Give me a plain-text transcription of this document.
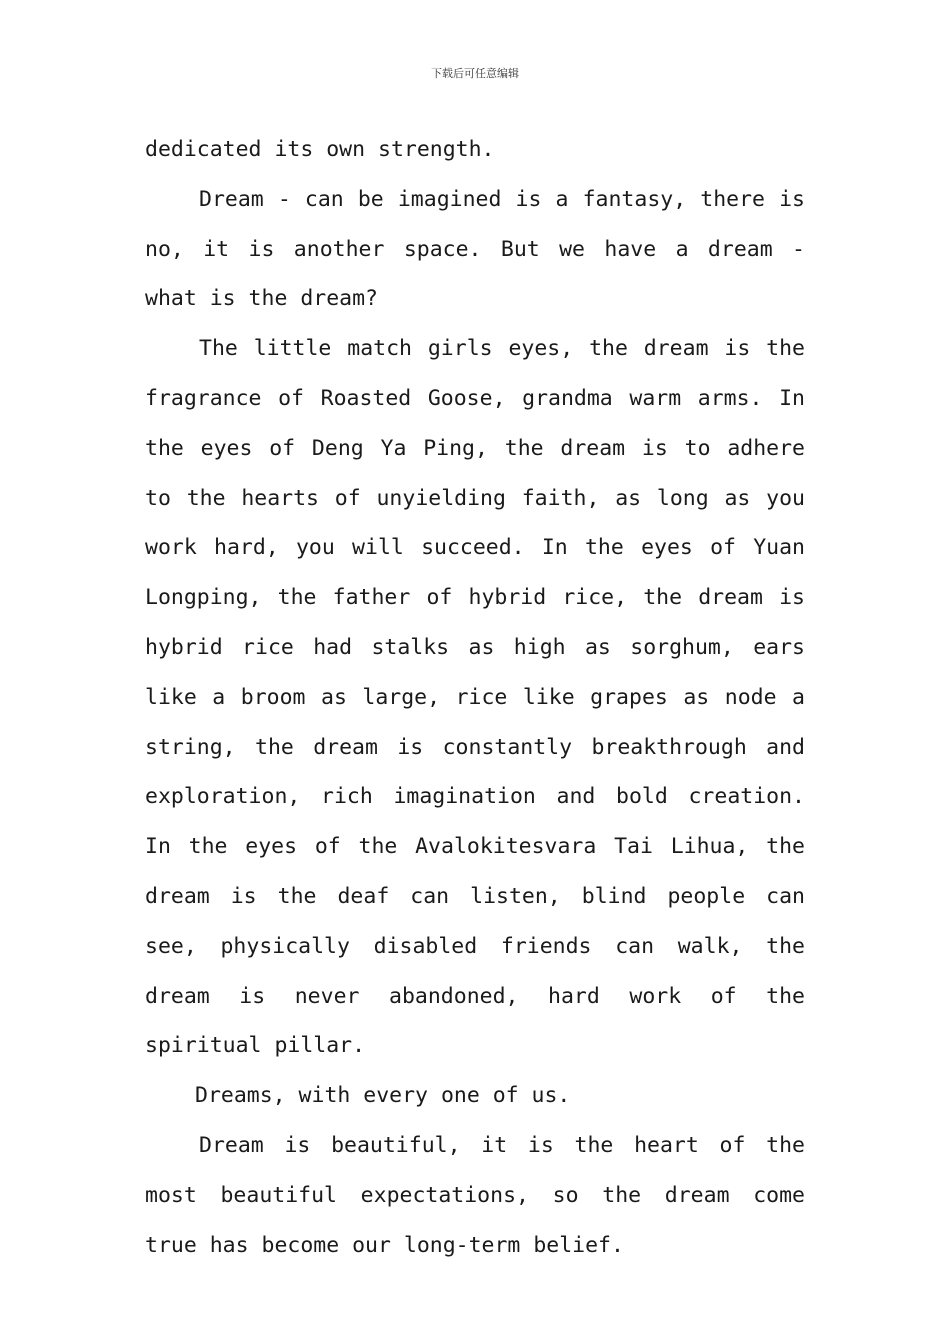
下载后可任意编辑

dedicated its own strength.

Dream - can be imagined is a fantasy, there is no, it is another space. But we have a dream - what is the dream?

The little match girls eyes, the dream is the fragrance of Roasted Goose, grandma warm arms. In the eyes of Deng Ya Ping, the dream is to adhere to the hearts of unyielding faith, as long as you work hard, you will succeed. In the eyes of Yuan Longping, the father of hybrid rice, the dream is hybrid rice had stalks as high as sorghum, ears like a broom as large, rice like grapes as node a string, the dream is constantly breakthrough and exploration, rich imagination and bold creation. In the eyes of the Avalokitesvara Tai Lihua, the dream is the deaf can listen, blind people can see, physically disabled friends can walk, the dream is never abandoned, hard work of the spiritual pillar.

Dreams, with every one of us.

Dream is beautiful, it is the heart of the most beautiful expectations, so the dream come true has become our long-term belief.
